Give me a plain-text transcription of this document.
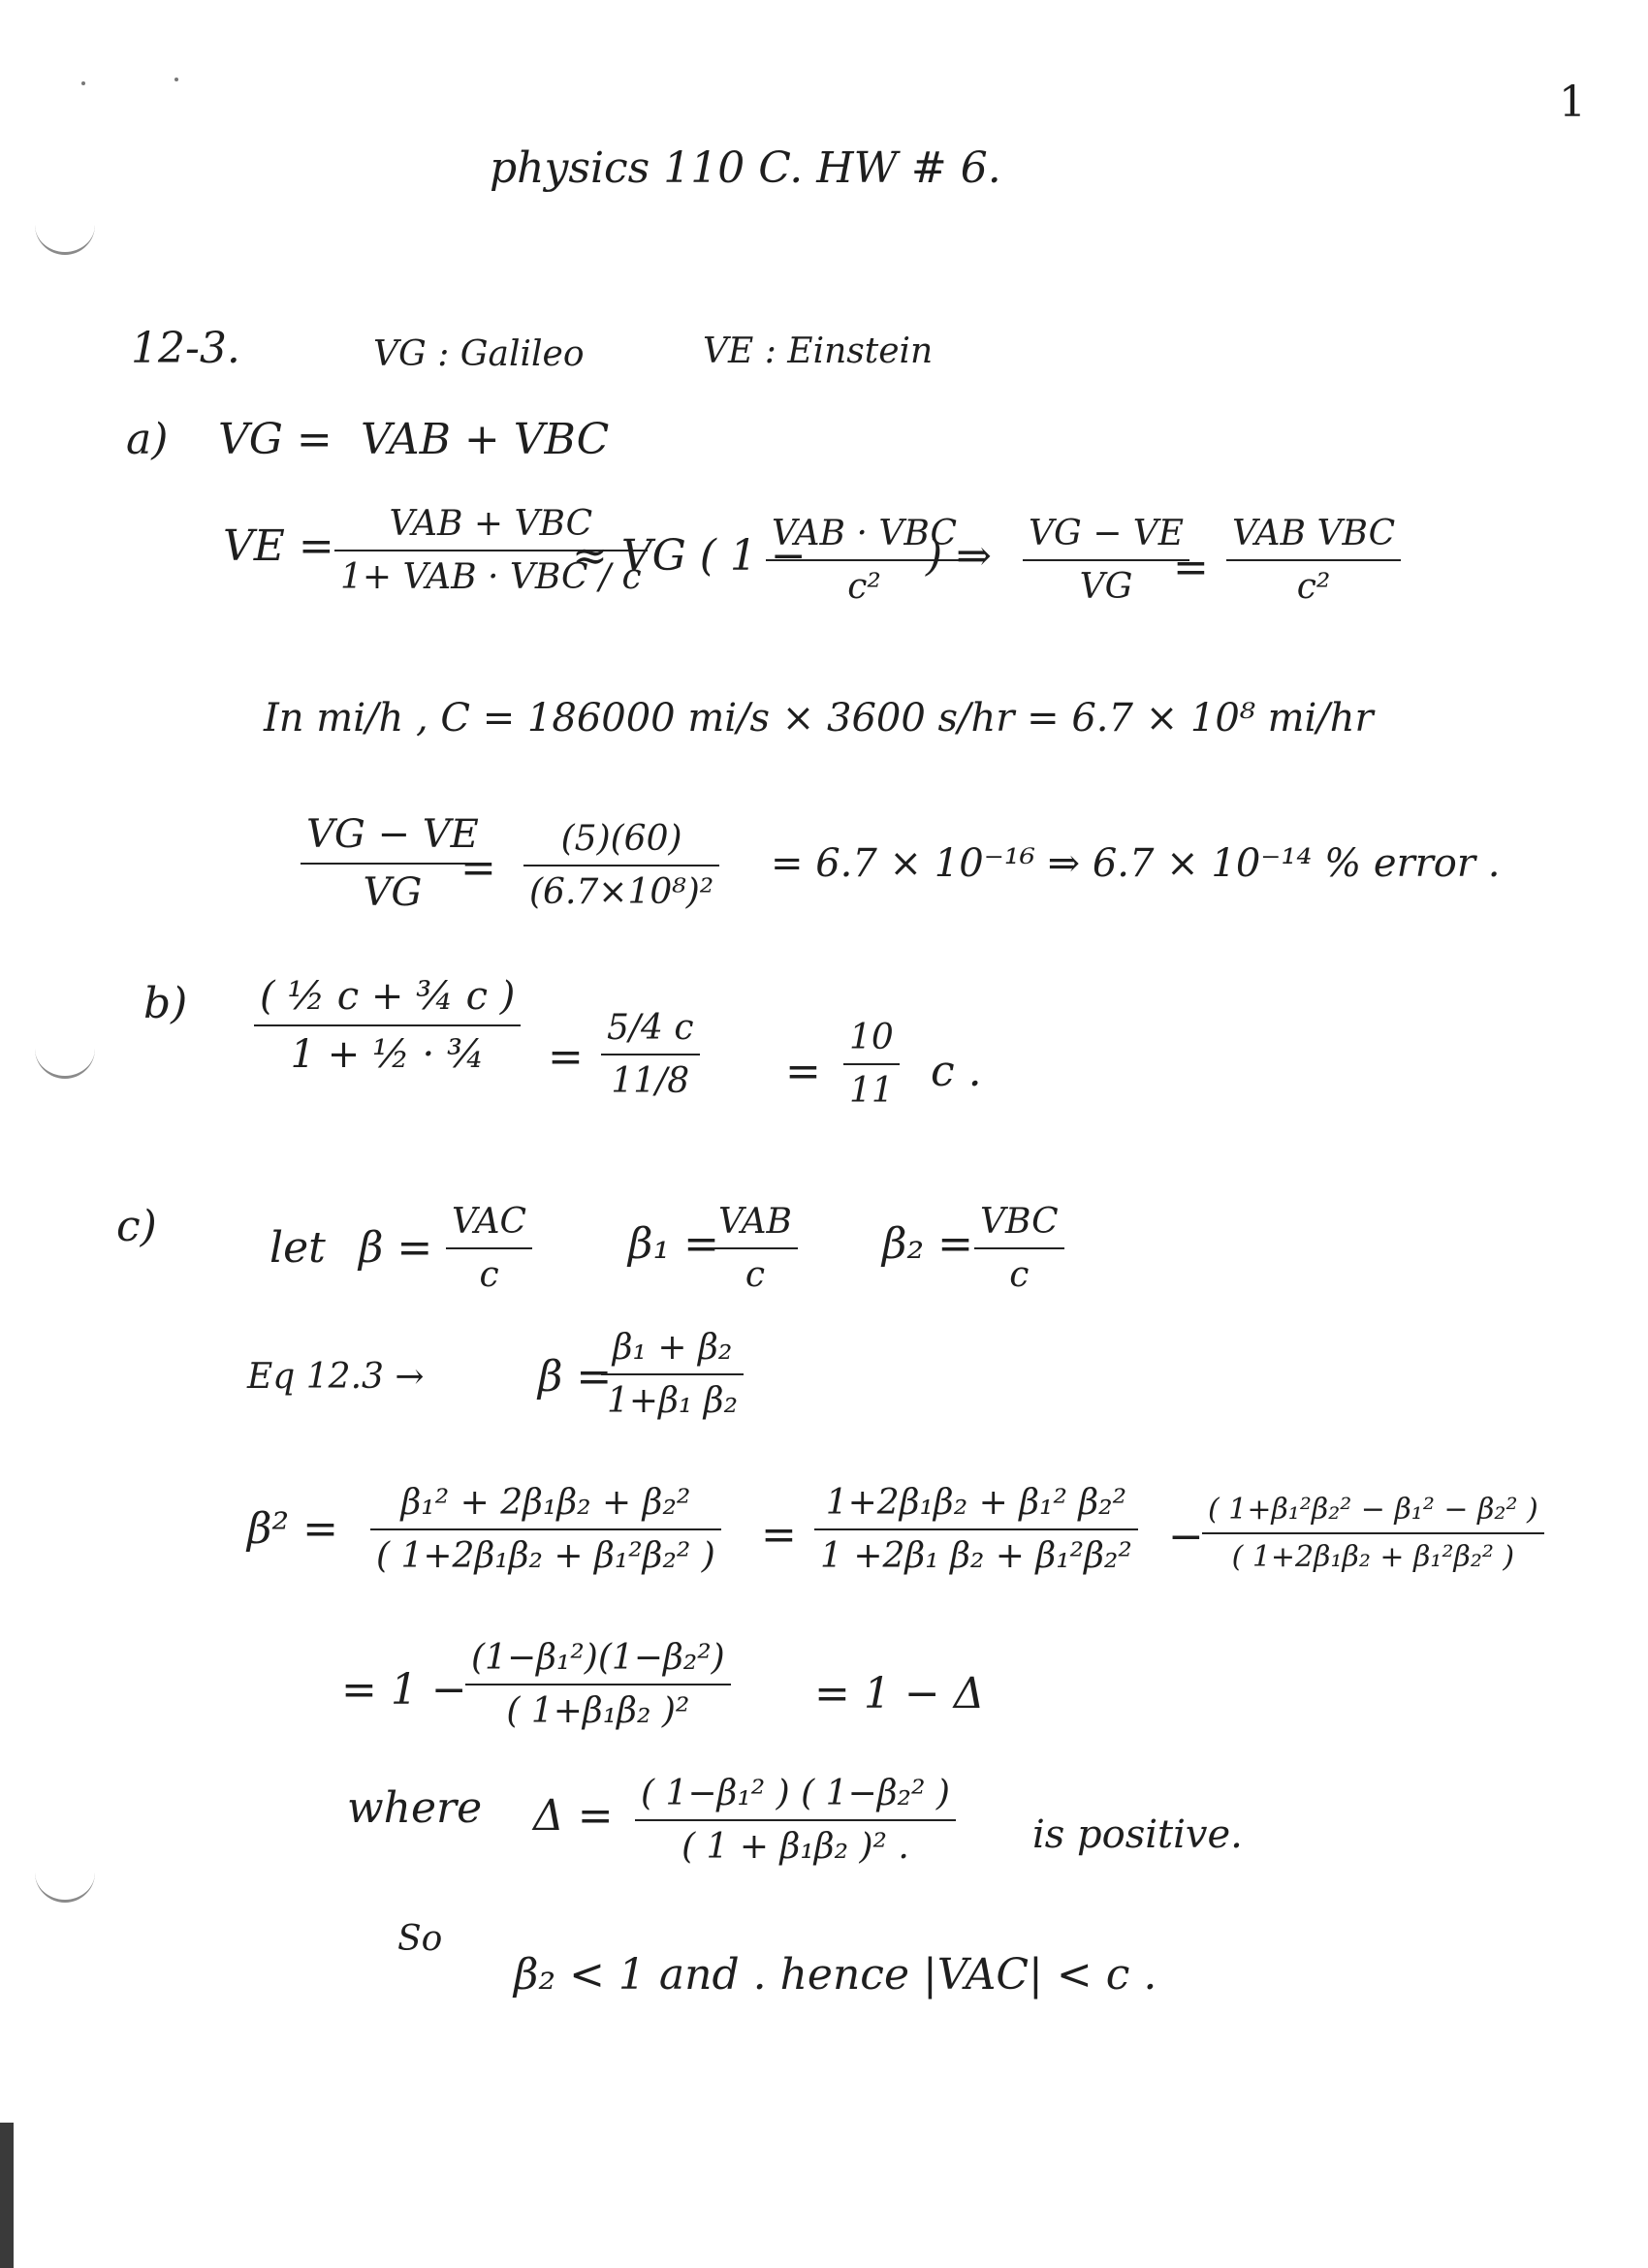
1
physics 110 C. HW # 6.
12-3.	VG : Galileo	VE : Einstein
a) VG = VAB + VBC
VE = VAB + VBC
1+ VAB · VBC / c
≈ VG ( 1 −
VAB · VBC
c²
) ⇒ VG − VE
VG =
VAB VBC
c²
In mi/h , C = 186000 mi/s × 3600 s/hr = 6.7 × 10⁸ mi/hr
VG − VE
VG =
(5)(60)
(6.7×10⁸)²
= 6.7 × 10⁻¹⁶ ⇒ 6.7 × 10⁻¹⁴ % error .
b) ( ½ c + ¾ c )
1 + ½ · ¾ =
5/4 c
11/8 =
10
11 c .
c)	let β =
VAC
c
β₁ = VAB
c
β₂ = VBC
c
Eq 12.3 →	β =
β₁ + β₂
1+β₁ β₂
β² =
β₁² + 2β₁β₂ + β₂²
( 1+2β₁β₂ + β₁²β₂² ) =
1+2β₁β₂ + β₁² β₂²
1 +2β₁ β₂ + β₁²β₂² −
( 1+β₁²β₂² − β₁² − β₂² )
( 1+2β₁β₂ + β₁²β₂² )
= 1 −
(1−β₁²)(1−β₂²)
( 1+β₁β₂ )²	= 1 − Δ
where Δ = ( 1−β₁² ) ( 1−β₂² )
( 1 + β₁β₂ )² .	is positive.
So
β₂ < 1 and . hence |VAC| < c .
